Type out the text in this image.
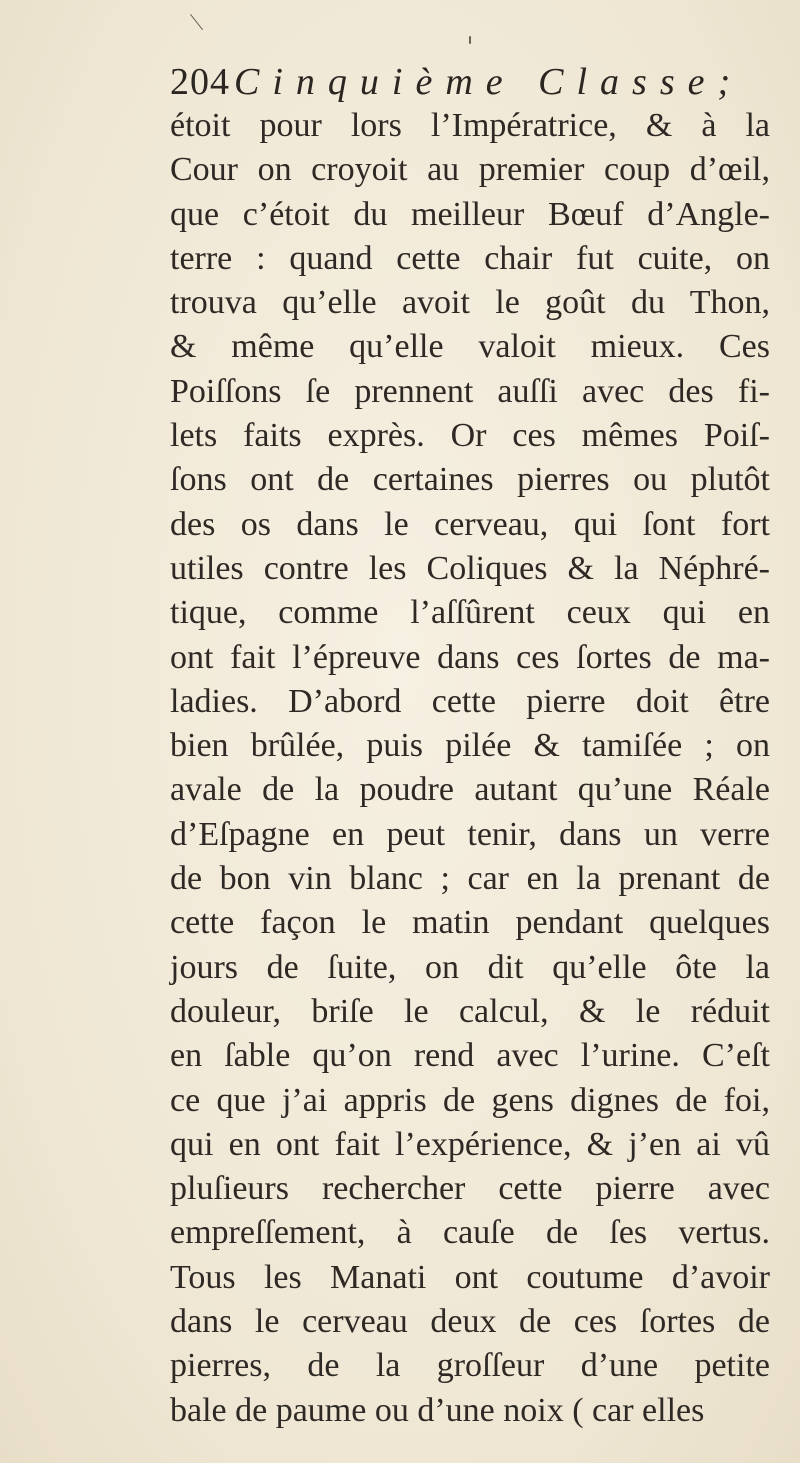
204 Cinquième Classe;
étoit pour lors l’Impératrice, & à la
Cour on croyoit au premier coup d’œil,
que c’étoit du meilleur Bœuf d’Angle-
terre : quand cette chair fut cuite, on
trouva qu’elle avoit le goût du Thon,
& même qu’elle valoit mieux. Ces
Poiſſons ſe prennent auſſi avec des fi-
lets faits exprès. Or ces mêmes Poiſ-
ſons ont de certaines pierres ou plutôt
des os dans le cerveau, qui ſont fort
utiles contre les Coliques & la Néphré-
tique, comme l’aſſûrent ceux qui en
ont fait l’épreuve dans ces ſortes de ma-
ladies. D’abord cette pierre doit être
bien brûlée, puis pilée & tamiſée ; on
avale de la poudre autant qu’une Réale
d’Eſpagne en peut tenir, dans un verre
de bon vin blanc ; car en la prenant de
cette façon le matin pendant quelques
jours de ſuite, on dit qu’elle ôte la
douleur, briſe le calcul, & le réduit
en ſable qu’on rend avec l’urine. C’eſt
ce que j’ai appris de gens dignes de foi,
qui en ont fait l’expérience, & j’en ai vû
pluſieurs rechercher cette pierre avec
empreſſement, à cauſe de ſes vertus.
Tous les Manati ont coutume d’avoir
dans le cerveau deux de ces ſortes de
pierres, de la groſſeur d’une petite
bale de paume ou d’une noix ( car elles
